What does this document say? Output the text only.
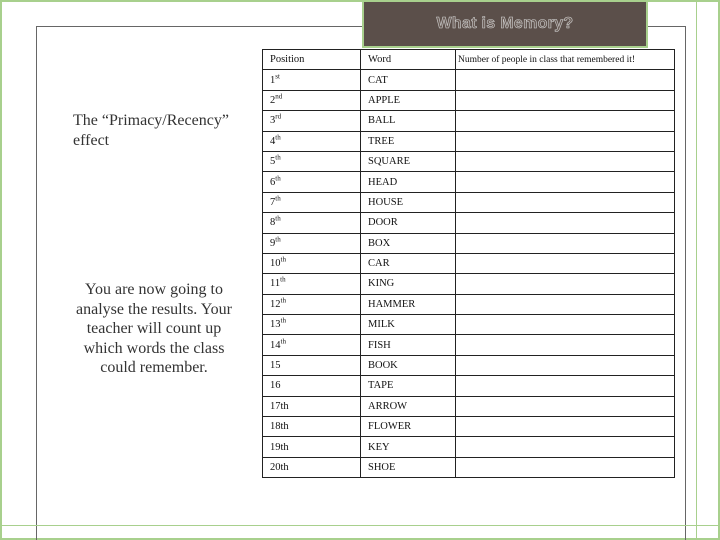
What is Memory?
The “Primacy/Recency” effect
You are now going to analyse the results. Your teacher will count up which words the class could remember.
Position	Word	Number of people in class that remembered it!
1st	CAT	
2nd	APPLE	
3rd	BALL	
4th	TREE	
5th	SQUARE	
6th	HEAD	
7th	HOUSE	
8th	DOOR	
9th	BOX	
10th	CAR	
11th	KING	
12th	HAMMER	
13th	MILK	
14th	FISH	
15	BOOK	
16	TAPE	
17th	ARROW	
18th	FLOWER	
19th	KEY	
20th	SHOE	
